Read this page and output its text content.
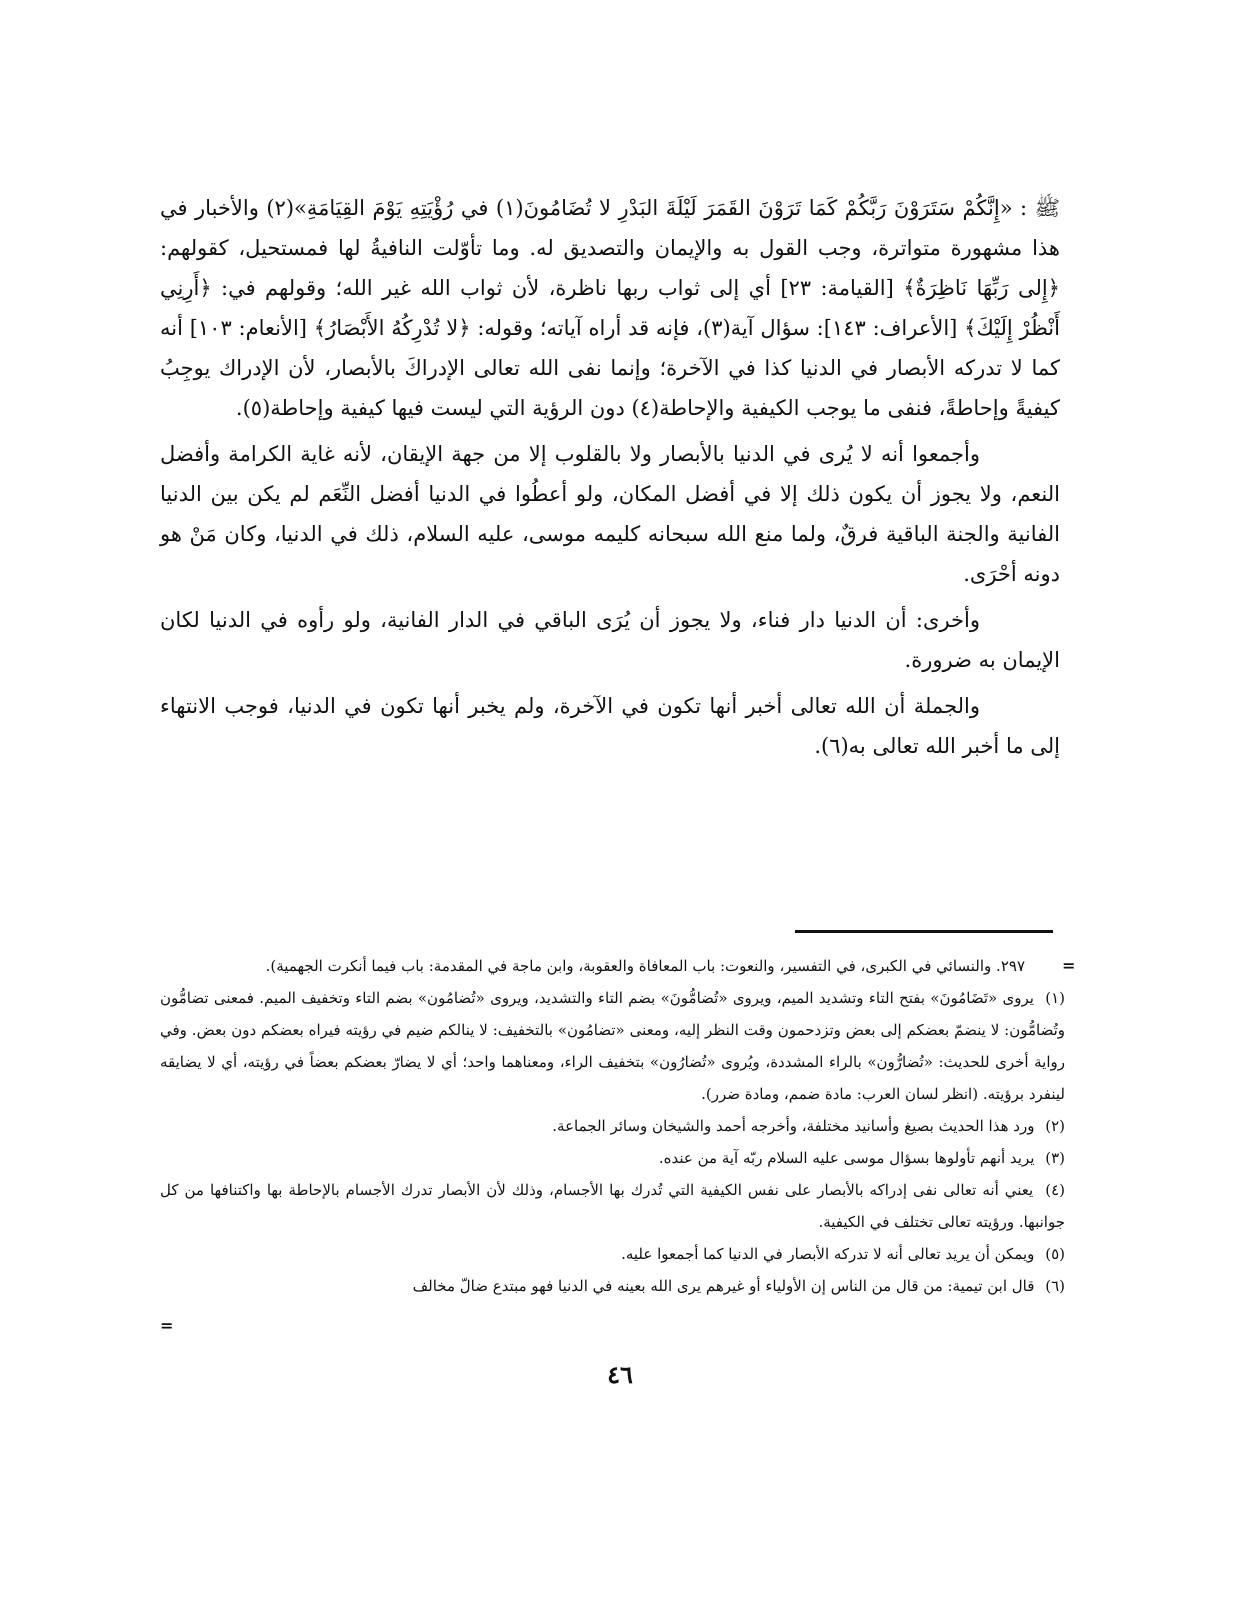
ﷺ : «إِنَّكُمْ سَتَرَوْنَ رَبَّكُمْ كَمَا تَرَوْنَ القَمَرَ لَيْلَةَ البَدْرِ لا تُضَامُونَ(١) في رُؤْيَتِهِ يَوْمَ القِيَامَةِ»(٢) والأخبار في هذا مشهورة متواترة، وجب القول به والإيمان والتصديق له. وما تأوّلت النافيةُ لها فمستحيل، كقولهم: ﴿إِلى رَبِّهَا نَاظِرَةٌ﴾ [القيامة: ٢٣] أي إلى ثواب ربها ناظرة، لأن ثواب الله غير الله؛ وقولهم في: ﴿أَرِنِي أَنْظُرْ إِلَيْكَ﴾ [الأعراف: ١٤٣]: سؤال آية(٣)، فإنه قد أراه آياته؛ وقوله: ﴿لا تُدْرِكُهُ الأَبْصَارُ﴾ [الأنعام: ١٠٣] أنه كما لا تدركه الأبصار في الدنيا كذا في الآخرة؛ وإنما نفى الله تعالى الإدراكَ بالأبصار، لأن الإدراك يوجِبُ كيفيةً وإحاطةً، فنفى ما يوجب الكيفية والإحاطة(٤) دون الرؤية التي ليست فيها كيفية وإحاطة(٥).

وأجمعوا أنه لا يُرى في الدنيا بالأبصار ولا بالقلوب إلا من جهة الإيقان، لأنه غاية الكرامة وأفضل النعم، ولا يجوز أن يكون ذلك إلا في أفضل المكان، ولو أعطُوا في الدنيا أفضل النِّعَم لم يكن بين الدنيا الفانية والجنة الباقية فرقٌ، ولما منع الله سبحانه كليمه موسى، عليه السلام، ذلك في الدنيا، وكان مَنْ هو دونه أحْرَى.

وأخرى: أن الدنيا دار فناء، ولا يجوز أن يُرَى الباقي في الدار الفانية، ولو رأوه في الدنيا لكان الإيمان به ضرورة.

والجملة أن الله تعالى أخبر أنها تكون في الآخرة، ولم يخبر أنها تكون في الدنيا، فوجب الانتهاء إلى ما أخبر الله تعالى به(٦).

=

٢٩٧. والنسائي في الكبرى، في التفسير، والنعوت: باب المعافاة والعقوبة، وابن ماجة في المقدمة: باب فيما أنكرت الجهمية).

(١) يروى «تَضَامُونَ» بفتح التاء وتشديد الميم، ويروى «تُضامُّونَ» بضم التاء والتشديد، ويروى «تُضامُون» بضم التاء وتخفيف الميم. فمعنى تضامُّون وتُضامُّون: لا ينضمّ بعضكم إلى بعض وتزدحمون وقت النظر إليه، ومعنى «تضامُون» بالتخفيف: لا ينالكم ضيم في رؤيته فيراه بعضكم دون بعض. وفي رواية أخرى للحديث: «تُضارُّون» بالراء المشددة، ويُروى «تُضارُون» بتخفيف الراء، ومعناهما واحد؛ أي لا يضارّ بعضكم بعضاً في رؤيته، أي لا يضايقه لينفرد برؤيته. (انظر لسان العرب: مادة ضمم، ومادة ضرر).

(٢) ورد هذا الحديث بصيغ وأسانيد مختلفة، وأخرجه أحمد والشيخان وسائر الجماعة.

(٣) يريد أنهم تأولوها بسؤال موسى عليه السلام ربّه آية من عنده.

(٤) يعني أنه تعالى نفى إدراكه بالأبصار على نفس الكيفية التي تُدرك بها الأجسام، وذلك لأن الأبصار تدرك الأجسام بالإحاطة بها واكتنافها من كل جوانبها. ورؤيته تعالى تختلف في الكيفية.

(٥) ويمكن أن يريد تعالى أنه لا تدركه الأبصار في الدنيا كما أجمعوا عليه.

(٦) قال ابن تيمية: من قال من الناس إن الأولياء أو غيرهم يرى الله بعينه في الدنيا فهو مبتدع ضالّ مخالف

=
٤٦
